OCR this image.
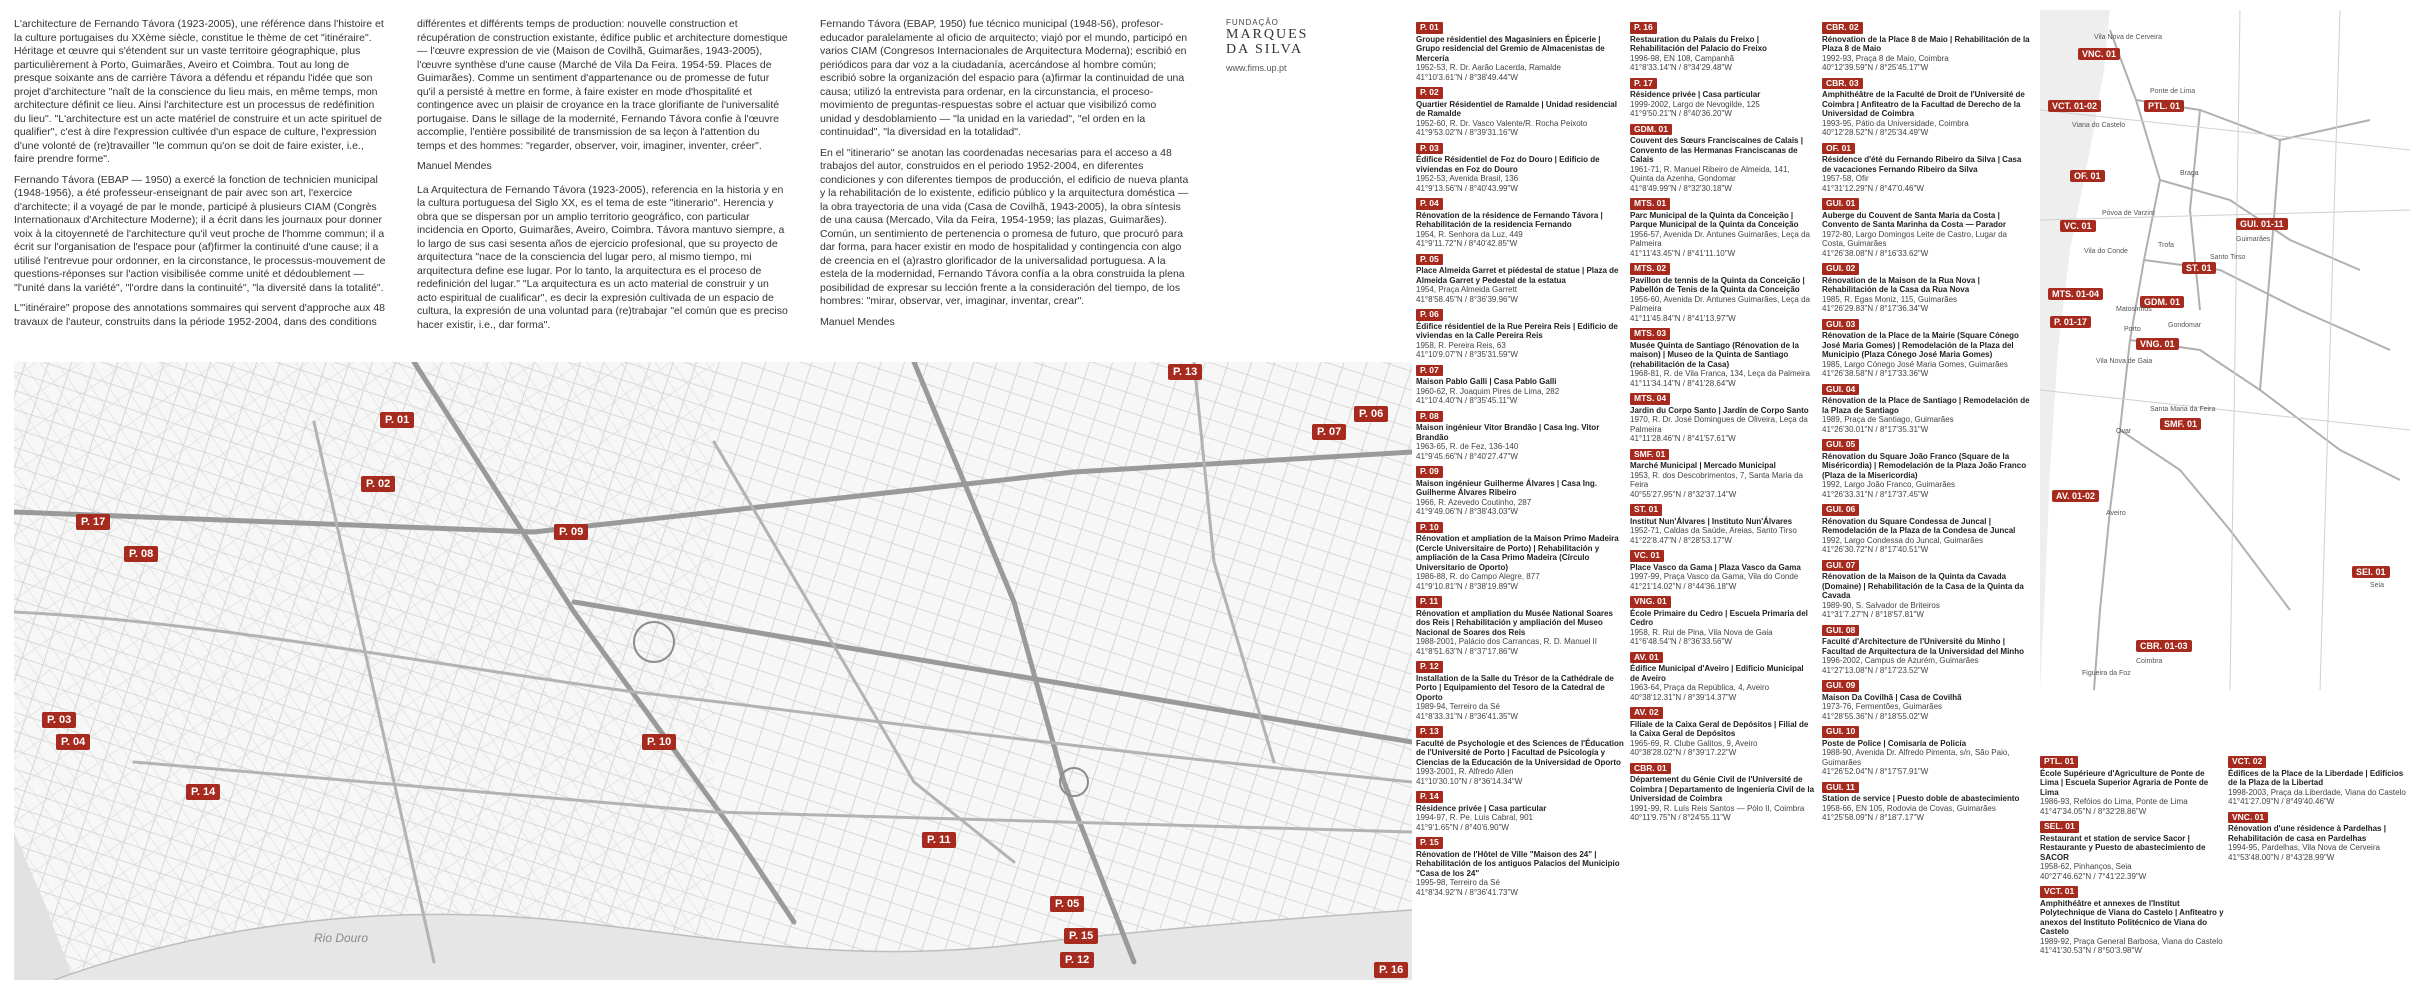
L'architecture de Fernando Távora (1923-2005), une référence dans l'histoire et la culture portugaises du XXème siècle, constitue le thème de cet "itinéraire". Héritage et œuvre qui s'étendent sur un vaste territoire géographique, plus particulièrement à Porto, Guimarães, Aveiro et Coimbra. Tout au long de presque soixante ans de carrière Távora a défendu et répandu l'idée que son projet d'architecture "naît de la conscience du lieu mais, en même temps, mon architecture définit ce lieu. Ainsi l'architecture est un processus de redéfinition du lieu". "L'architecture est un acte matériel de construire et un acte spirituel de qualifier", c'est à dire l'expression cultivée d'un espace de culture, l'expression d'une volonté de (re)travailler "le commun qu'on se doit de faire exister, i.e., faire prendre forme".

Fernando Távora (EBAP — 1950) a exercé la fonction de technicien municipal (1948-1956), a été professeur-enseignant de pair avec son art, l'exercice d'architecte; il a voyagé de par le monde, participé à plusieurs CIAM (Congrès Internationaux d'Architecture Moderne); il a écrit dans les journaux pour donner voix à la citoyenneté de l'architecture qu'il veut proche de l'homme commun; il a écrit sur l'organisation de l'espace pour (af)firmer la continuité d'une cause; il a utilisé l'entrevue pour ordonner, en la circonstance, le processus-mouvement de questions-réponses sur l'action visibilisée comme unité et dédoublement — "l'unité dans la variété", "l'ordre dans la continuité", "la diversité dans la totalité".

L'"itinéraire" propose des annotations sommaires qui servent d'approche aux 48 travaux de l'auteur, construits dans la période 1952-2004, dans des conditions

différentes et différents temps de production: nouvelle construction et récupération de construction existante, édifice public et architecture domestique — l'œuvre expression de vie (Maison de Covilhã, Guimarães, 1943-2005), l'œuvre synthèse d'une cause (Marché de Vila Da Feira. 1954-59. Places de Guimarães). Comme un sentiment d'appartenance ou de promesse de futur qu'il a persisté à mettre en forme, à faire exister en mode d'hospitalité et contingence avec un plaisir de croyance en la trace glorifiante de l'universalité portugaise. Dans le sillage de la modernité, Fernando Távora confie à l'œuvre accomplie, l'entière possibilité de transmission de sa leçon à l'attention du temps et des hommes: "regarder, observer, voir, imaginer, inventer, créer".

Manuel Mendes

La Arquitectura de Fernando Távora (1923-2005), referencia en la historia y en la cultura portuguesa del Siglo XX, es el tema de este "itinerario". Herencia y obra que se dispersan por un amplio territorio geográfico, con particular incidencia en Oporto, Guimarães, Aveiro, Coimbra. Távora mantuvo siempre, a lo largo de sus casi sesenta años de ejercicio profesional, que su proyecto de arquitectura "nace de la consciencia del lugar pero, al mismo tiempo, mi arquitectura define ese lugar. Por lo tanto, la arquitectura es el proceso de redefinición del lugar." "La arquitectura es un acto material de construir y un acto espiritual de cualificar", es decir la expresión cultivada de un espacio de cultura, la expresión de una voluntad para (re)trabajar "el común que es preciso hacer existir, i.e., dar forma".

Fernando Távora (EBAP, 1950) fue técnico municipal (1948-56), profesor-educador paralelamente al oficio de arquitecto; viajó por el mundo, participó en varios CIAM (Congresos Internacionales de Arquitectura Moderna); escribió en periódicos para dar voz a la ciudadanía, acercándose al hombre común; escribió sobre la organización del espacio para (a)firmar la continuidad de una causa; utilizó la entrevista para ordenar, en la circunstancia, el proceso-movimiento de preguntas-respuestas sobre el actuar que visibilizó como unidad y desdoblamiento — "la unidad en la variedad", "el orden en la continuidad", "la diversidad en la totalidad".

En el "itinerario" se anotan las coordenadas necesarias para el acceso a 48 trabajos del autor, construidos en el periodo 1952-2004, en diferentes condiciones y con diferentes tiempos de producción, el edificio de nueva planta y la rehabilitación de lo existente, edificio público y la arquitectura doméstica — la obra trayectoria de una vida (Casa de Covilhã, 1943-2005), la obra síntesis de una causa (Mercado, Vila da Feira, 1954-1959; las plazas, Guimarães). Común, un sentimiento de pertenencia o promesa de futuro, que procuró para dar forma, para hacer existir en modo de hospitalidad y contingencia con algo de creencia en el (a)rastro glorificador de la universalidad portuguesa. A la estela de la modernidad, Fernando Távora confía a la obra construida la plena posibilidad de expresar su lección frente a la consideración del tiempo, de los hombres: "mirar, observar, ver, imaginar, inventar, crear".

Manuel Mendes

FUNDAÇÃO
MARQUES
DA SILVA
www.fims.up.pt
Rio Douro
P. 01
P. 02
P. 03
P. 04
P. 05
P. 06
P. 07
P. 08
P. 09
P. 10
P. 11
P. 12
P. 13
P. 14
P. 15
P. 16
P. 17
P. 01
Groupe résidentiel des Magasiniers en Épicerie | Grupo residencial del Gremio de Almacenistas de Mercería
1952-53, R. Dr. Aarão Lacerda, Ramalde
41°10'3.61"N / 8°38'49.44"W
P. 02
Quartier Résidentiel de Ramalde | Unidad residencial de Ramalde
1952-60, R. Dr. Vasco Valente/R. Rocha Peixoto
41°9'53.02"N / 8°39'31.16"W
P. 03
Édifice Résidentiel de Foz do Douro | Edificio de viviendas en Foz do Douro
1952-53, Avenida Brasil, 136
41°9'13.56"N / 8°40'43.99"W
P. 04
Rénovation de la résidence de Fernando Távora | Rehabilitación de la residencia Fernando
1954, R. Senhora da Luz, 449
41°9'11.72"N / 8°40'42.85"W
P. 05
Place Almeida Garret et piédestal de statue | Plaza de Almeida Garret y Pedestal de la estatua
1954, Praça Almeida Garrett
41°8'58.45"N / 8°36'39.96"W
P. 06
Édifice résidentiel de la Rue Pereira Reis | Edificio de viviendas en la Calle Pereira Reis
1958, R. Pereira Reis, 63
41°10'9.07"N / 8°35'31.59"W
P. 07
Maison Pablo Galli | Casa Pablo Galli
1960-62, R. Joaquim Pires de Lima, 282
41°10'4.40"N / 8°35'45.11"W
P. 08
Maison ingénieur Vitor Brandão | Casa Ing. Vitor Brandão
1963-65, R. de Fez, 136-140
41°9'45.66"N / 8°40'27.47"W
P. 09
Maison ingénieur Guilherme Álvares | Casa Ing. Guilherme Álvares Ribeiro
1966, R. Azevedo Coutinho, 287
41°9'49.06"N / 8°38'43.03"W
P. 10
Rénovation et ampliation de la Maison Primo Madeira (Cercle Universitaire de Porto) | Rehabilitación y ampliación de la Casa Primo Madeira (Círculo Universitario de Oporto)
1986-88, R. do Campo Alegre, 877
41°9'10.81"N / 8°38'19.89"W
P. 11
Rénovation et ampliation du Musée National Soares dos Reis | Rehabilitación y ampliación del Museo Nacional de Soares dos Reis
1988-2001, Palácio dos Carrancas, R. D. Manuel II
41°8'51.63"N / 8°37'17.86"W
P. 12
Installation de la Salle du Trésor de la Cathédrale de Porto | Equipamiento del Tesoro de la Catedral de Oporto
1989-94, Terreiro da Sé
41°8'33.31"N / 8°36'41.35"W
P. 13
Faculté de Psychologie et des Sciences de l'Éducation de l'Université de Porto | Facultad de Psicología y Ciencias de la Educación de la Universidad de Oporto
1993-2001, R. Alfredo Allen
41°10'30.10"N / 8°36'14.34"W
P. 14
Résidence privée | Casa particular
1994-97, R. Pe. Luís Cabral, 901
41°9'1.65"N / 8°40'6.90"W
P. 15
Rénovation de l'Hôtel de Ville "Maison des 24" | Rehabilitación de los antiguos Palacios del Municipio "Casa de los 24"
1995-98, Terreiro da Sé
41°8'34.92"N / 8°36'41.73"W
P. 16
Restauration du Palais du Freixo | Rehabilitación del Palacio do Freixo
1996-98, EN 108, Campanhã
41°8'33.14"N / 8°34'29.48"W
P. 17
Résidence privée | Casa particular
1999-2002, Largo de Nevogilde, 125
41°9'50.21"N / 8°40'36.20"W
GDM. 01
Couvent des Sœurs Franciscaines de Calais | Convento de las Hermanas Franciscanas de Calais
1961-71, R. Manuel Ribeiro de Almeida, 141, Quinta da Azenha, Gondomar
41°8'49.99"N / 8°32'30.18"W
MTS. 01
Parc Municipal de la Quinta da Conceição | Parque Municipal de la Quinta da Conceição
1956-57, Avenida Dr. Antunes Guimarães, Leça da Palmeira
41°11'43.45"N / 8°41'11.10"W
MTS. 02
Pavillon de tennis de la Quinta da Conceição | Pabellón de Tenis de la Quinta da Conceição
1956-60, Avenida Dr. Antunes Guimarães, Leça da Palmeira
41°11'45.84"N / 8°41'13.97"W
MTS. 03
Musée Quinta de Santiago (Rénovation de la maison) | Museo de la Quinta de Santiago (rehabilitación de la Casa)
1968-81, R. de Vila Franca, 134, Leça da Palmeira
41°11'34.14"N / 8°41'28.64"W
MTS. 04
Jardin du Corpo Santo | Jardín de Corpo Santo
1970, R. Dr. José Domingues de Oliveira, Leça da Palmeira
41°11'28.46"N / 8°41'57.61"W
SMF. 01
Marché Municipal | Mercado Municipal
1953, R. dos Descobrimentos, 7, Santa Maria da Feira
40°55'27.95"N / 8°32'37.14"W
ST. 01
Institut Nun'Álvares | Instituto Nun'Álvares
1952-71, Caldas da Saúde, Areias, Santo Tirso
41°22'8.47"N / 8°28'53.17"W
VC. 01
Place Vasco da Gama | Plaza Vasco da Gama
1997-99, Praça Vasco da Gama, Vila do Conde
41°21'14.02"N / 8°44'36.18"W
VNG. 01
École Primaire du Cedro | Escuela Primaria del Cedro
1958, R. Rui de Pina, Vila Nova de Gaia
41°6'48.54"N / 8°36'33.56"W
AV. 01
Édifice Municipal d'Aveiro | Edificio Municipal de Aveiro
1963-64, Praça da República, 4, Aveiro
40°38'12.31"N / 8°39'14.37"W
AV. 02
Filiale de la Caixa Geral de Depósitos | Filial de la Caixa Geral de Depósitos
1965-69, R. Clube Galitos, 9, Aveiro
40°38'28.02"N / 8°39'17.22"W
CBR. 01
Département du Génie Civil de l'Université de Coimbra | Departamento de Ingeniería Civil de la Universidad de Coimbra
1991-99, R. Luís Reis Santos — Pólo II, Coimbra
40°11'9.75"N / 8°24'55.11"W
CBR. 02
Rénovation de la Place 8 de Maio | Rehabilitación de la Plaza 8 de Maio
1992-93, Praça 8 de Maio, Coimbra
40°12'39.59"N / 8°25'45.17"W
CBR. 03
Amphithéâtre de la Faculté de Droit de l'Université de Coimbra | Anfiteatro de la Facultad de Derecho de la Universidad de Coimbra
1993-95, Pátio da Universidade, Coimbra
40°12'28.52"N / 8°25'34.49"W
OF. 01
Résidence d'été du Fernando Ribeiro da Silva | Casa de vacaciones Fernando Ribeiro da Silva
1957-58, Ofir
41°31'12.29"N / 8°47'0.46"W
GUI. 01
Auberge du Couvent de Santa Maria da Costa | Convento de Santa Marinha da Costa — Parador
1972-80, Largo Domingos Leite de Castro, Lugar da Costa, Guimarães
41°26'38.08"N / 8°16'33.62"W
GUI. 02
Rénovation de la Maison de la Rua Nova | Rehabilitación de la Casa da Rua Nova
1985, R. Egas Moniz, 115, Guimarães
41°26'29.83"N / 8°17'36.34"W
GUI. 03
Rénovation de la Place de la Mairie (Square Cónego José Maria Gomes) | Remodelación de la Plaza del Municipio (Plaza Cónego José Maria Gomes)
1985, Largo Cónego José Maria Gomes, Guimarães
41°26'38.58"N / 8°17'33.36"W
GUI. 04
Rénovation de la Place de Santiago | Remodelación de la Plaza de Santiago
1989, Praça de Santiago, Guimarães
41°26'30.01"N / 8°17'35.31"W
GUI. 05
Rénovation du Square João Franco (Square de la Miséricordia) | Remodelación de la Plaza João Franco (Plaza de la Misericordia)
1992, Largo João Franco, Guimarães
41°26'33.31"N / 8°17'37.45"W
GUI. 06
Rénovation du Square Condessa de Juncal | Remodelación de la Plaza de la Condesa de Juncal
1992, Largo Condessa do Juncal, Guimarães
41°26'30.72"N / 8°17'40.51"W
GUI. 07
Rénovation de la Maison de la Quinta da Cavada (Domaine) | Rehabilitación de la Casa de la Quinta da Cavada
1989-90, S. Salvador de Briteiros
41°31'7.27"N / 8°18'57.81"W
GUI. 08
Faculté d'Architecture de l'Université du Minho | Facultad de Arquitectura de la Universidad del Minho
1996-2002, Campus de Azurém, Guimarães
41°27'13.08"N / 8°17'23.52"W
GUI. 09
Maison Da Covilhã | Casa de Covilhã
1973-76, Fermentões, Guimarães
41°28'55.36"N / 8°18'55.02"W
GUI. 10
Poste de Police | Comisaría de Policía
1988-90, Avenida Dr. Alfredo Pimenta, s/n, São Paio, Guimarães
41°26'52.04"N / 8°17'57.91"W
GUI. 11
Station de service | Puesto doble de abastecimiento
1958-66, EN 105, Rodovia de Covas, Guimarães
41°25'58.09"N / 8°18'7.17"W
VNC. 01
VCT. 01-02	PTL. 01
OF. 01
VC. 01	GUI. 01-11
ST. 01
MTS. 01-04
GDM. 01
P. 01-17
VNG. 01
SMF. 01
AV. 01-02
SEI. 01
CBR. 01-03
Vila Nova de Cerveira
Ponte de Lima
Viana do Castelo
Braga
Póvoa de Varzim
Vila do Conde
Guimarães
Santo Tirso
Matosinhos
Porto
Vila Nova de Gaia
Gondomar
Santa Maria da Feira
Ovar
Aveiro
Seia
Figueira da Foz
Coimbra
Trofa
PTL. 01
École Supérieure d'Agriculture de Ponte de Lima | Escuela Superior Agraria de Ponte de Lima
1986-93, Refóios do Lima, Ponte de Lima
41°47'34.05"N / 8°32'28.86"W
SEL. 01
Restaurant et station de service Sacor | Restaurante y Puesto de abastecimiento de SACOR
1958-62, Pinhanços, Seia
40°27'46.62"N / 7°41'22.39"W
VCT. 01
Amphithéâtre et annexes de l'Institut Polytechnique de Viana do Castelo | Anfiteatro y anexos del Instituto Politécnico de Viana do Castelo
1989-92, Praça General Barbosa, Viana do Castelo
41°41'30.53"N / 8°50'3.98"W
VCT. 02
Édifices de la Place de la Liberdade | Edificios de la Plaza de la Libertad
1998-2003, Praça da Liberdade, Viana do Castelo
41°41'27.09"N / 8°49'40.46"W
VNC. 01
Rénovation d'une résidence à Pardelhas | Rehabilitación de casa en Pardelhas
1994-95, Pardelhas, Vila Nova de Cerveira
41°53'48.00"N / 8°43'28.99"W
